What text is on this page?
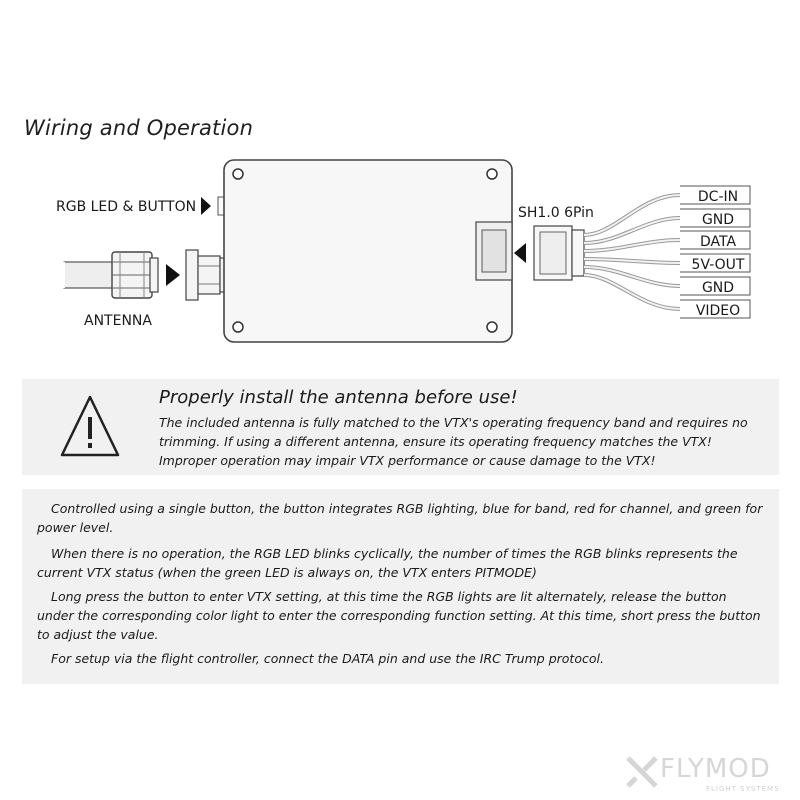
Wiring and Operation
DC-IN
GND
DATA
5V-OUT
GND
VIDEO
RGB LED & BUTTON
ANTENNA
SH1.0 6Pin
Properly install the antenna before use!
The included antenna is fully matched to the VTX's operating frequency band and requires no trimming. If using a different antenna, ensure its operating frequency matches the VTX! Improper operation may impair VTX performance or cause damage to the VTX!

Controlled using a single button, the button integrates RGB lighting, blue for band, red for channel, and green for power level.

When there is no operation, the RGB LED blinks cyclically, the number of times the RGB blinks represents the current VTX status (when the green LED is always on, the VTX enters PITMODE)

Long press the button to enter VTX setting, at this time the RGB lights are lit alternately, release the button under the corresponding color light to enter the corresponding function setting. At this time, short press the button to adjust the value.

For setup via the flight controller, connect the DATA pin and use the IRC Trump protocol.

FLYMOD
FLIGHT SYSTEMS
